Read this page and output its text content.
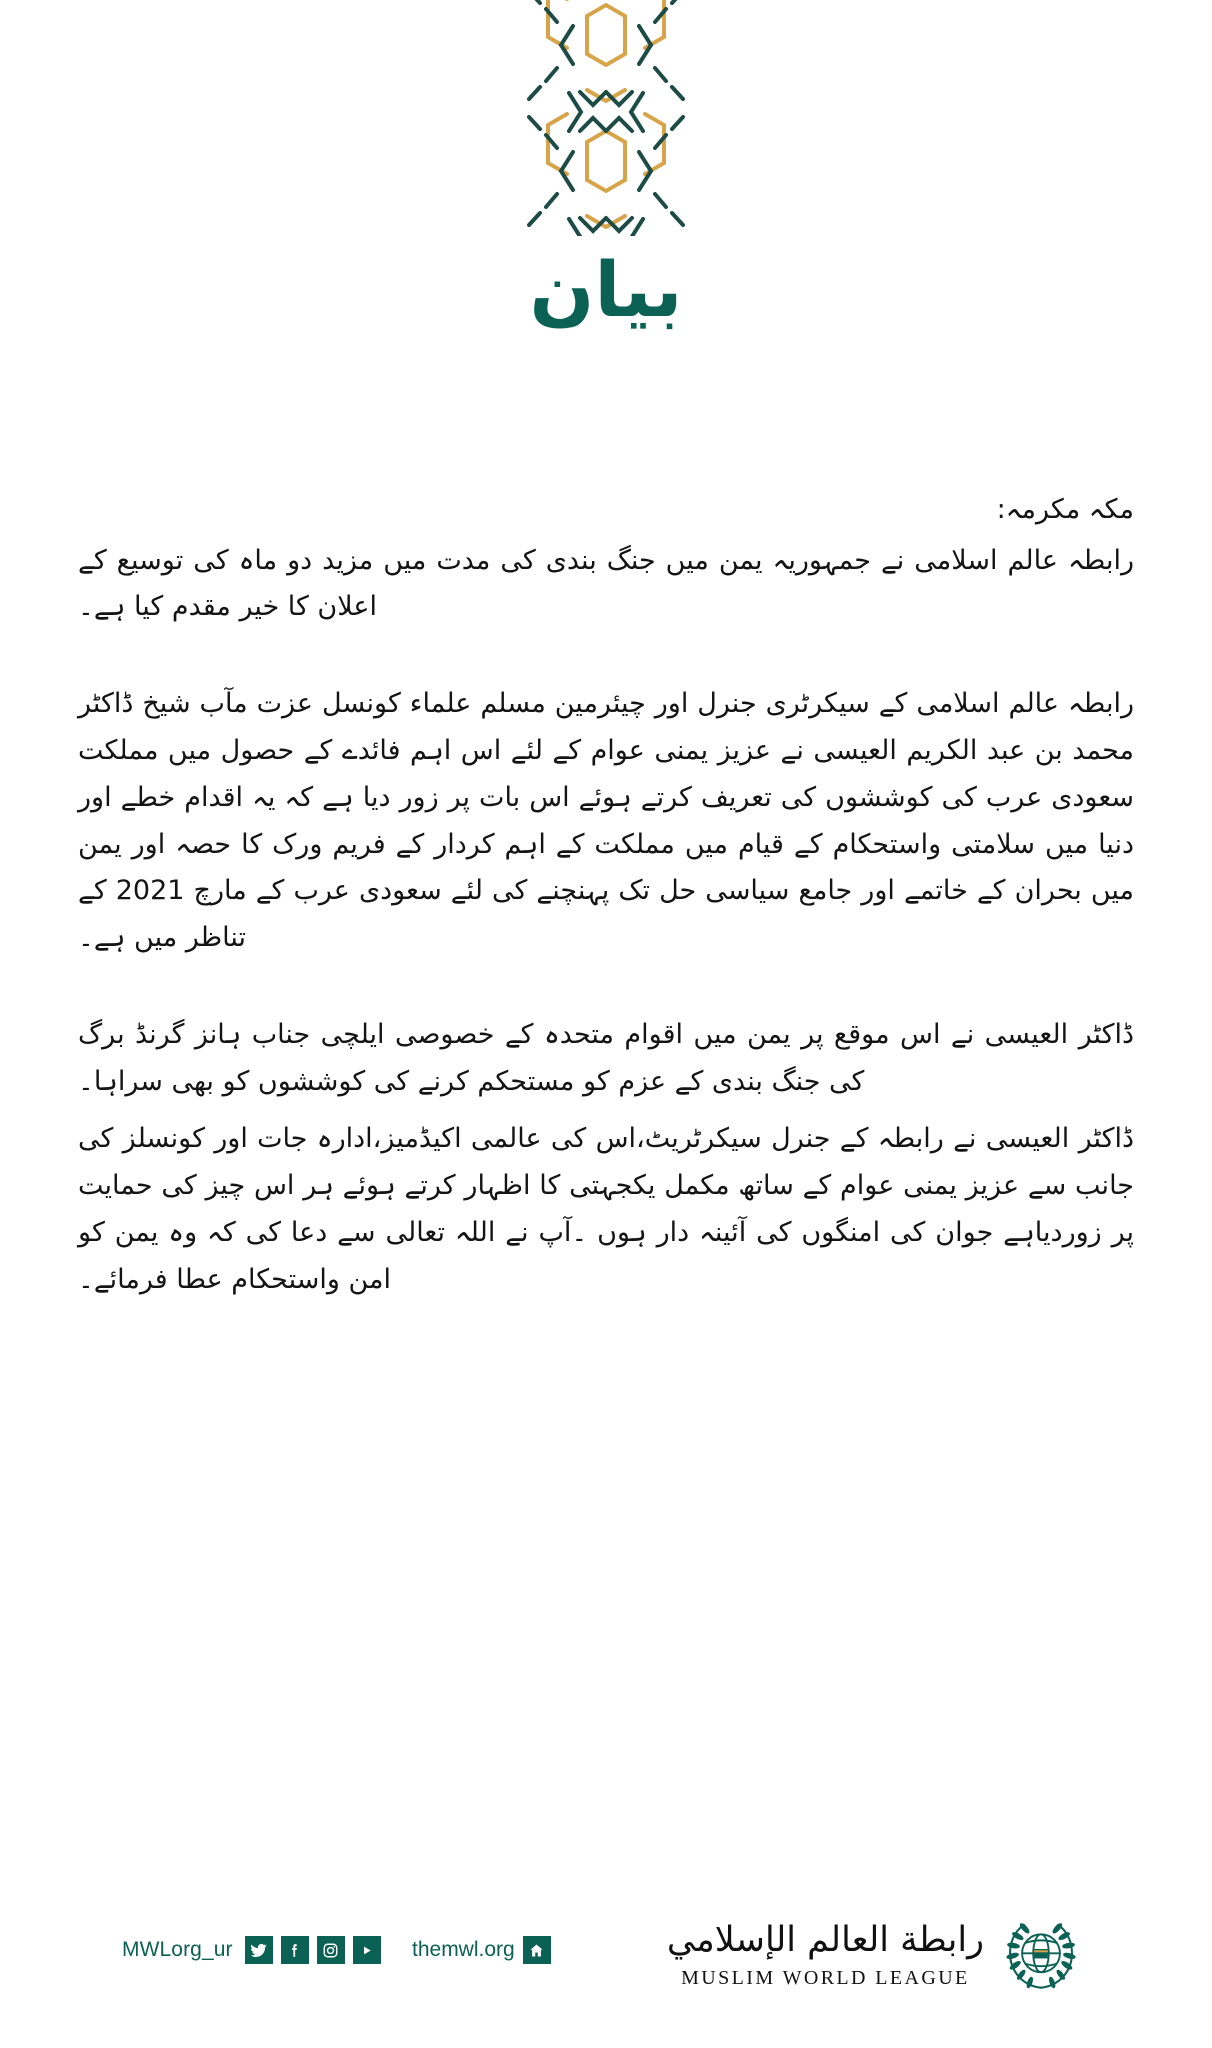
بيان

مكہ مكرمہ:

رابطہ عالم اسلامی نے جمہوریہ یمن میں جنگ بندی کی مدت میں مزید دو ماہ کی توسیع کے اعلان کا خیر مقدم کیا ہے۔

رابطہ عالم اسلامی کے سیکرٹری جنرل اور چیئرمین مسلم علماء کونسل عزت مآب شیخ ڈاکٹر محمد بن عبد الكريم العیسی نے عزیز یمنی عوام کے لئے اس اہم فائدے کے حصول میں مملکت سعودی عرب کی کوششوں کی تعریف کرتے ہوئے اس بات پر زور دیا ہے کہ یہ اقدام خطے اور دنیا میں سلامتی واستحکام کے قیام میں مملکت کے اہم کردار کے فریم ورک کا حصہ اور یمن میں بحران کے خاتمے اور جامع سیاسی حل تک پہنچنے کی لئے سعودی عرب کے مارچ 2021 کے تناظر میں ہے۔

ڈاکٹر العیسی نے اس موقع پر یمن میں اقوام متحدہ کے خصوصی ایلچی جناب ہانز گرنڈ برگ کی جنگ بندی کے عزم کو مستحکم کرنے کی کوششوں کو بھی سراہا۔

ڈاکٹر العیسی نے رابطہ کے جنرل سیکرٹریٹ،اس کی عالمی اکیڈمیز،ادارہ جات اور کونسلز کی جانب سے عزیز یمنی عوام کے ساتھ مکمل یکجہتی کا اظہار کرتے ہوئے ہر اس چیز کی حمایت پر زوردیاہے جوان کی امنگوں کی آئینہ دار ہوں ۔آپ نے اللہ تعالی سے دعا کی کہ وہ یمن کو امن واستحکام عطا فرمائے۔

MWLorg_ur	themwl.org	رابطة العالم الإسلامي
MUSLIM WORLD LEAGUE
